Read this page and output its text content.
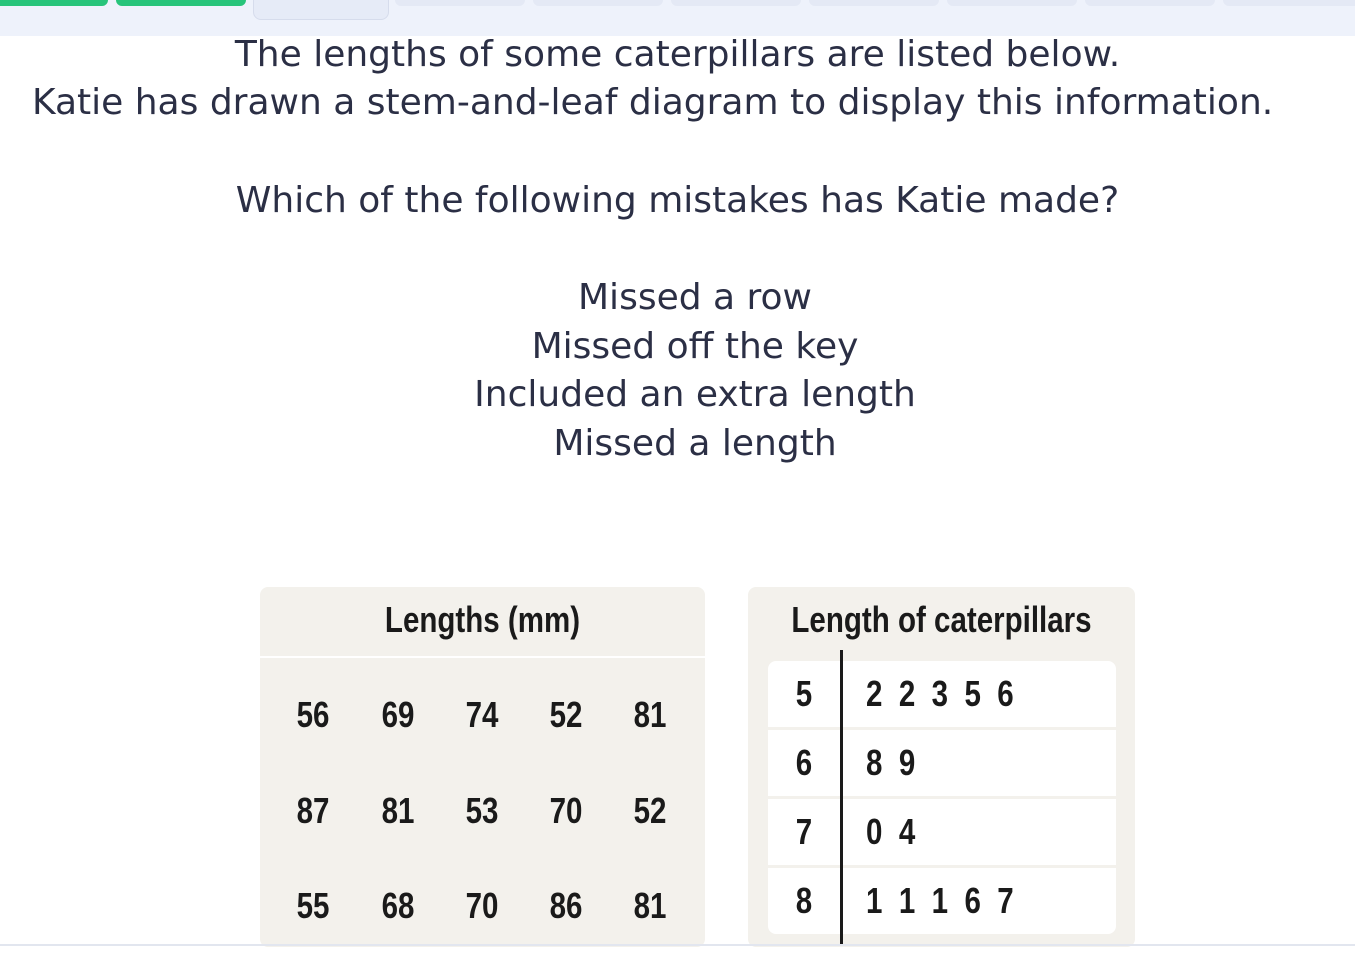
The lengths of some caterpillars are listed below.
Katie has drawn a stem-and-leaf diagram to display this information.
Which of the following mistakes has Katie made?
Missed a row
Missed off the key
Included an extra length
Missed a length
Lengths (mm)
56	69	74	52	81
87	81	53	70	52
55	68	70	86	81
Length of caterpillars
5	2  2  3  5  6
6	8  9
7	0  4
8	1  1  1  6  7
